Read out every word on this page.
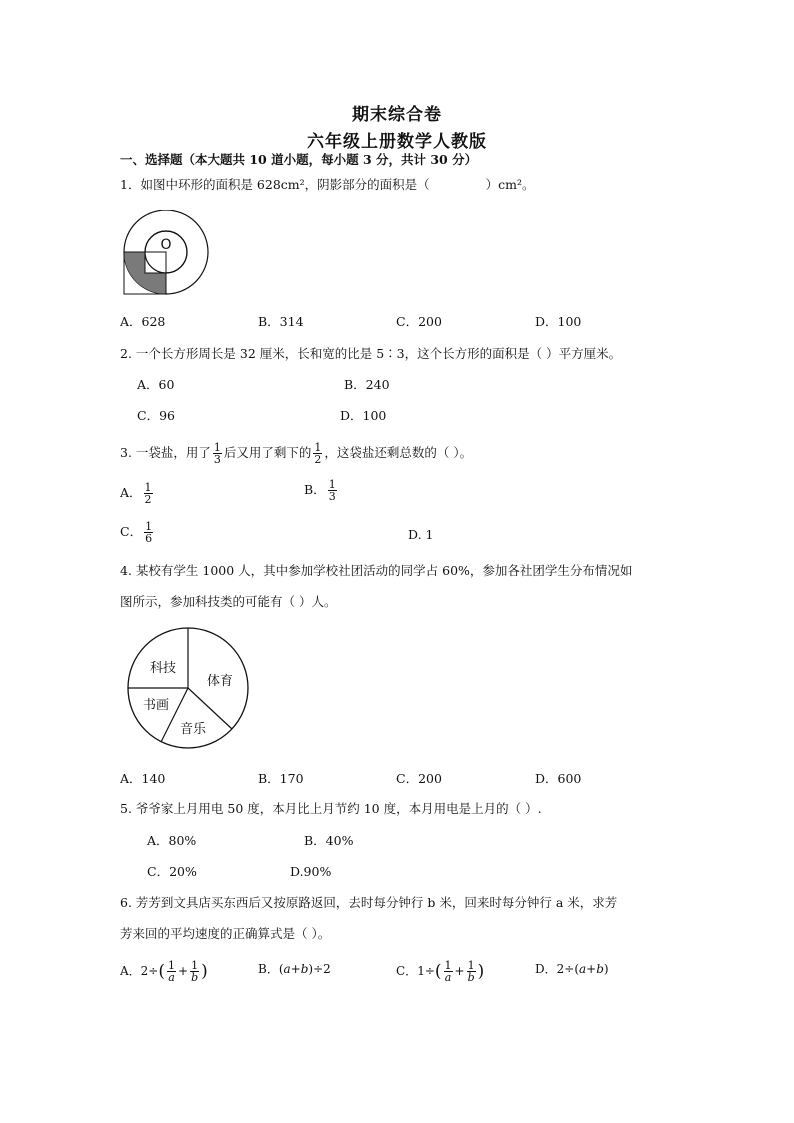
期末综合卷
六年级上册数学人教版
一、选择题（本大题共 10 道小题，每小题 3 分，共计 30 分）
1．如图中环形的面积是 628cm²，阴影部分的面积是（	）cm²。
O
A．628	B．314	C．200	D．100
2. 一个长方形周长是 32 厘米，长和宽的比是 5∶3，这个长方形的面积是（ ）平方厘米。
A．60	B．240
C．96	D．100
3. 一袋盐，用了 $\frac{1}{3}$ 后又用了剩下的 $\frac{1}{2}$ ，这袋盐还剩总数的（ ）。
A． $\frac{1}{2}$	B． $\frac{1}{3}$
C． $\frac{1}{6}$	D. 1
4. 某校有学生 1000 人，其中参加学校社团活动的同学占 60%，参加各社团学生分布情况如
图所示，参加科技类的可能有（ ）人。
科技
体育
书画
音乐
A．140	B．170	C．200	D．600
5. 爷爷家上月用电 50 度，本月比上月节约 10 度，本月用电是上月的（ ）.
A．80%	B．40%
C．20%	D.90%
6. 芳芳到文具店买东西后又按原路返回，去时每分钟行 b 米，回来时每分钟行 a 米，求芳
芳来回的平均速度的正确算式是（ ）。
A．$2\div( \frac{1}{a} + \frac{1}{b}$ )	B．(a+b)÷2	C．$1\div( \frac{1}{a} + \frac{1}{b}$ )	D．2÷(a+b)
